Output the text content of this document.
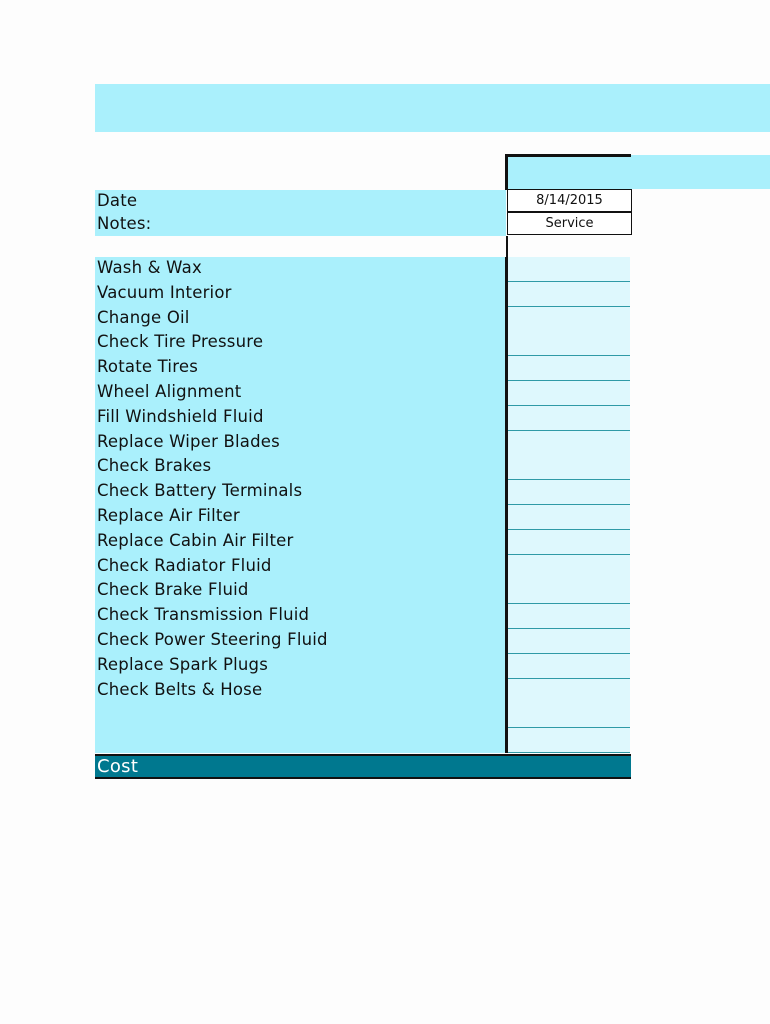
Date
Notes:
8/14/2015
Service
Wash & Wax
Vacuum Interior
Change Oil
Check Tire Pressure
Rotate Tires
Wheel Alignment
Fill Windshield Fluid
Replace Wiper Blades
Check Brakes
Check Battery Terminals
Replace Air Filter
Replace Cabin Air Filter
Check Radiator Fluid
Check Brake Fluid
Check Transmission Fluid
Check Power Steering Fluid
Replace Spark Plugs
Check Belts & Hose
Cost
